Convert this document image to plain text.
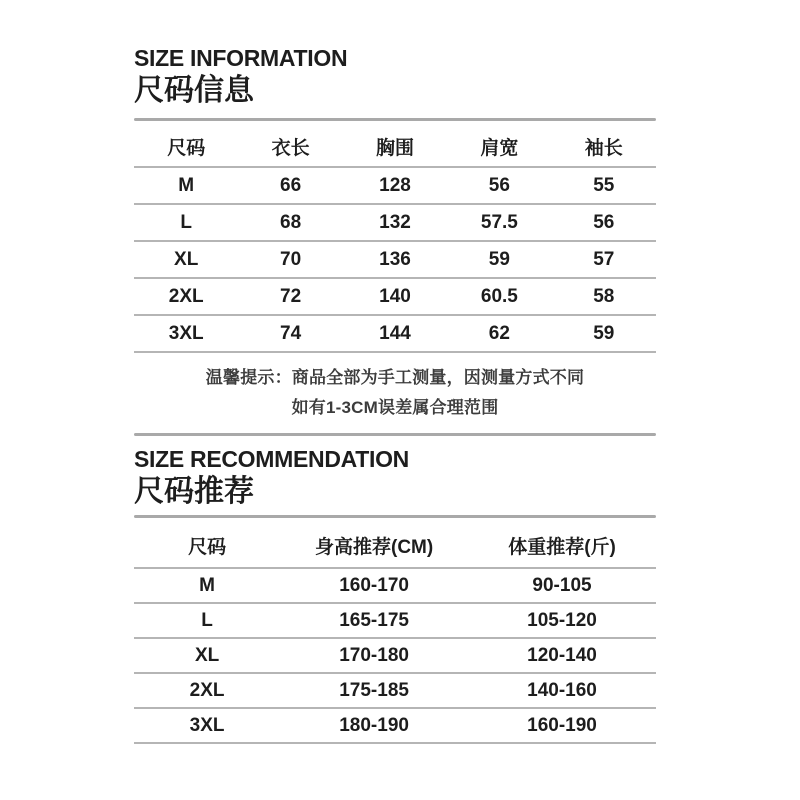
SIZE INFORMATION
尺码信息
尺码	衣长	胸围	肩宽	袖长
M	66	128	56	55
L	68	132	57.5	56
XL	70	136	59	57
2XL	72	140	60.5	58
3XL	74	144	62	59
温馨提示：商品全部为手工测量，因测量方式不同
如有1-3CM误差属合理范围
SIZE RECOMMENDATION
尺码推荐
尺码	身高推荐(CM)	体重推荐(斤)
M	160-170	90-105
L	165-175	105-120
XL	170-180	120-140
2XL	175-185	140-160
3XL	180-190	160-190
